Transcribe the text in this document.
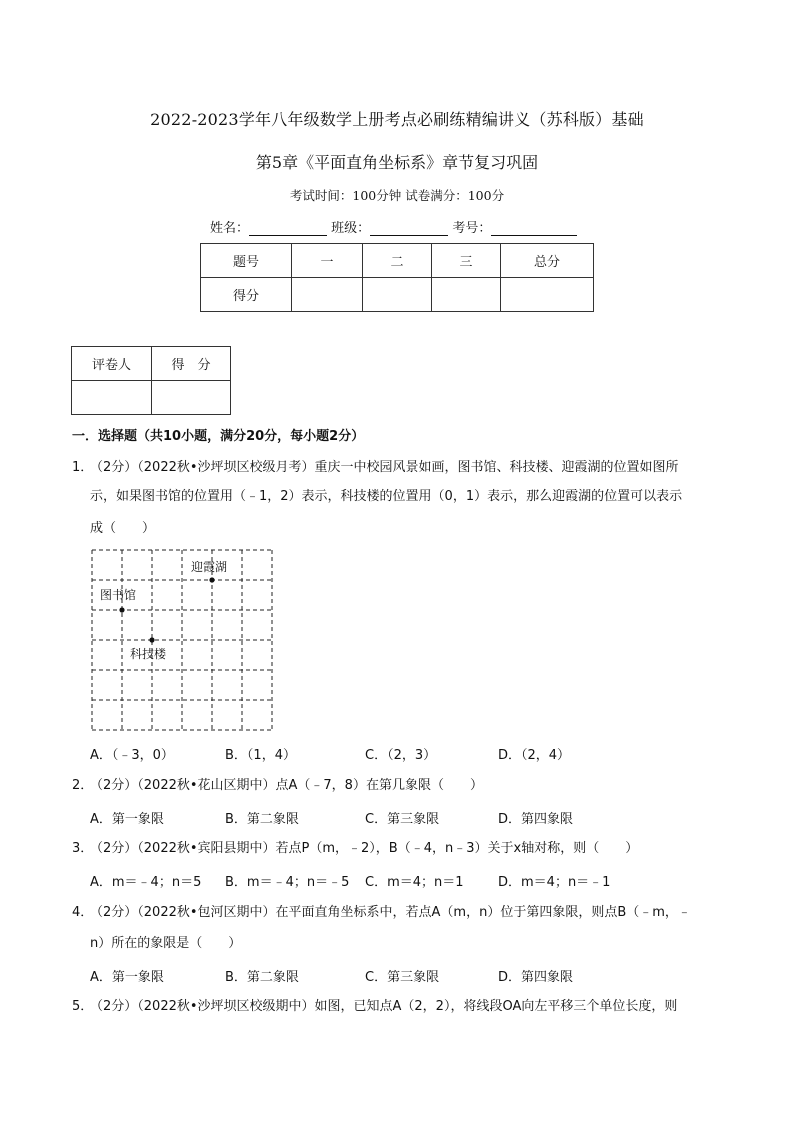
2022-2023学年八年级数学上册考点必刷练精编讲义（苏科版）基础
第5章《平面直角坐标系》章节复习巩固
考试时间：100分钟 试卷满分：100分
姓名：	班级：	考号：
题号	一	二	三	总分
得分				
评卷人	得　分

一．选择题（共10小题，满分20分，每小题2分）
1．
（2分）（2022秋•沙坪坝区校级月考）重庆一中校园风景如画，图书馆、科技楼、迎霞湖的位置如图所
示，如果图书馆的位置用（﹣1，2）表示，科技楼的位置用（0，1）表示，那么迎霞湖的位置可以表示
成（　　）
迎霞湖
图书馆
科技楼
A．（﹣3，0）	B．（1，4）	C．（2，3）	D．（2，4）
2．
（2分）（2022秋•花山区期中）点A（﹣7，8）在第几象限（　　）
A．第一象限	B．第二象限	C．第三象限	D．第四象限
3．
（2分）（2022秋•宾阳县期中）若点P（m，﹣2），B（﹣4，n﹣3）关于x轴对称，则（　　）
A．m＝﹣4；n＝5 B．m＝﹣4；n＝﹣5 C．m＝4；n＝1	D．m＝4；n＝﹣1
4．
（2分）（2022秋•包河区期中）在平面直角坐标系中，若点A（m，n）位于第四象限，则点B（﹣m，﹣
n）所在的象限是（　　）
A．第一象限	B．第二象限	C．第三象限	D．第四象限
5．
（2分）（2022秋•沙坪坝区校级期中）如图，已知点A（2，2），将线段OA向左平移三个单位长度，则
